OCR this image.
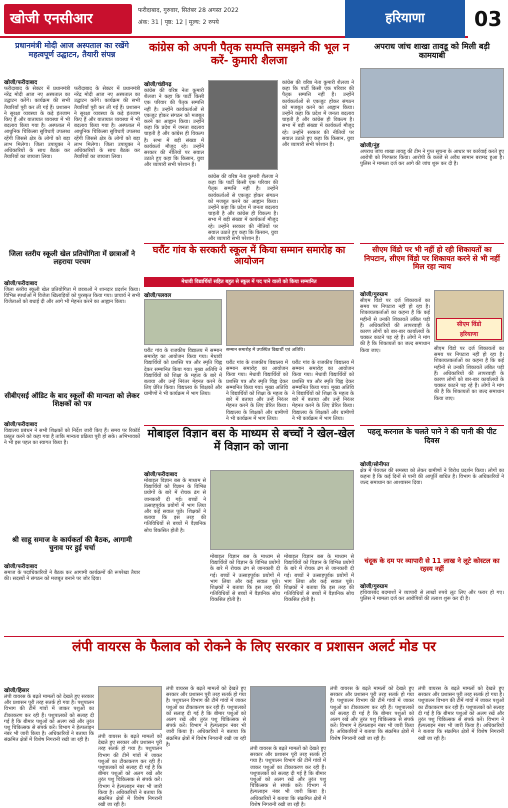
खोजी एनसीआर
फरीदाबाद, गुरुवार, सितंबर 28 अगस्त 2022
अंक: 31 | पृष्ठ: 12 | मूल्य: 2 रुपये	हरियाणा	03
प्रधानमंत्री मोदी आज अस्पताल का रखेंगे महत्वपूर्ण उद्घाटन, तैयारी संपन्न
खोजी/फरीदाबाद
फरीदाबाद के सेक्टर में प्रधानमंत्री नरेंद्र मोदी आज नए अस्पताल का उद्घाटन करेंगे। कार्यक्रम की सभी तैयारियाँ पूरी कर ली गई हैं। प्रशासन ने सुरक्षा व्यवस्था के कड़े इंतजाम किए हैं और यातायात व्यवस्था में भी बदलाव किया गया है। अस्पताल में आधुनिक चिकित्सा सुविधाएँ उपलब्ध रहेंगी जिससे क्षेत्र के लोगों को बड़ा लाभ मिलेगा। जिला उपायुक्त ने अधिकारियों के साथ बैठक कर तैयारियों का जायजा लिया।
फरीदाबाद के सेक्टर में प्रधानमंत्री नरेंद्र मोदी आज नए अस्पताल का उद्घाटन करेंगे। कार्यक्रम की सभी तैयारियाँ पूरी कर ली गई हैं। प्रशासन ने सुरक्षा व्यवस्था के कड़े इंतजाम किए हैं और यातायात व्यवस्था में भी बदलाव किया गया है। अस्पताल में आधुनिक चिकित्सा सुविधाएँ उपलब्ध रहेंगी जिससे क्षेत्र के लोगों को बड़ा लाभ मिलेगा। जिला उपायुक्त ने अधिकारियों के साथ बैठक कर तैयारियों का जायजा लिया।
जिला स्तरीय स्कूली खेल प्रतियोगिता में छात्राओं ने लहराया परचम
खोजी/फरीदाबाद
जिला स्तरीय स्कूली खेल प्रतियोगिता में छात्राओं ने शानदार प्रदर्शन किया। विभिन्न स्पर्धाओं में विजेता खिलाड़ियों को पुरस्कृत किया गया। प्राचार्य ने सभी विजेताओं को बधाई दी और आगे भी मेहनत करने का आह्वान किया।
सीबीएसई ऑडिट के बाद स्कूलों की मान्यता को लेकर शिक्षकों को पत्र
खोजी/फरीदाबाद
विद्यालय प्रबंधन ने सभी शिक्षकों को निर्देश जारी किए हैं। समय पर रिकॉर्ड प्रस्तुत करने को कहा गया है ताकि मान्यता प्रक्रिया पूरी हो सके। अभिभावकों ने भी इस पहल का स्वागत किया है।
श्री साहू समाज के कार्यकर्ता की बैठक, आगामी चुनाव पर हुई चर्चा
खोजी/फरीदाबाद
समाज के पदाधिकारियों ने बैठक कर आगामी कार्यक्रमों की रूपरेखा तैयार की। सदस्यों ने संगठन को मजबूत बनाने पर जोर दिया।
कांग्रेस को अपनी पैतृक सम्पत्ति समझने की भूल न करें- कुमारी शैलजा
खोजी/चंडीगढ़
कांग्रेस की वरिष्ठ नेता कुमारी शैलजा ने कहा कि पार्टी किसी एक परिवार की पैतृक सम्पत्ति नहीं है। उन्होंने कार्यकर्ताओं से एकजुट होकर संगठन को मजबूत करने का आह्वान किया। उन्होंने कहा कि प्रदेश में जनता बदलाव चाहती है और कांग्रेस ही विकल्प है। सभा में बड़ी संख्या में कार्यकर्ता मौजूद रहे। उन्होंने सरकार की नीतियों पर सवाल उठाते हुए कहा कि किसान, युवा और व्यापारी सभी परेशान हैं।
कांग्रेस की वरिष्ठ नेता कुमारी शैलजा ने कहा कि पार्टी किसी एक परिवार की पैतृक सम्पत्ति नहीं है। उन्होंने कार्यकर्ताओं से एकजुट होकर संगठन को मजबूत करने का आह्वान किया। उन्होंने कहा कि प्रदेश में जनता बदलाव चाहती है और कांग्रेस ही विकल्प है। सभा में बड़ी संख्या में कार्यकर्ता मौजूद रहे। उन्होंने सरकार की नीतियों पर सवाल उठाते हुए कहा कि किसान, युवा और व्यापारी सभी परेशान हैं।
कांग्रेस की वरिष्ठ नेता कुमारी शैलजा ने कहा कि पार्टी किसी एक परिवार की पैतृक सम्पत्ति नहीं है। उन्होंने कार्यकर्ताओं से एकजुट होकर संगठन को मजबूत करने का आह्वान किया। उन्होंने कहा कि प्रदेश में जनता बदलाव चाहती है और कांग्रेस ही विकल्प है। सभा में बड़ी संख्या में कार्यकर्ता मौजूद रहे। उन्होंने सरकार की नीतियों पर सवाल उठाते हुए कहा कि किसान, युवा और व्यापारी सभी परेशान हैं।
अपराध जांच शाखा तावडू को मिली बड़ी कामयाबी
खोजी/नूंह
अपराध जांच शाखा तावडू की टीम ने गुप्त सूचना के आधार पर कार्रवाई करते हुए आरोपी को गिरफ्तार किया। आरोपी के कब्जे से अवैध सामान बरामद हुआ है। पुलिस ने मामला दर्ज कर आगे की जांच शुरू कर दी है।
घरौंट गांव के सरकारी स्कूल में किया सम्मान समारोह का आयोजन
मेधावी विद्यार्थियों सहित बहुत से स्कूल में पद पाने वालों को किया सम्मानित
खोजी/पलवल
सम्मान समारोह में उपस्थित विद्यार्थी एवं अतिथि।
घरौंट गांव के राजकीय विद्यालय में सम्मान समारोह का आयोजन किया गया। मेधावी विद्यार्थियों को प्रशस्ति पत्र और स्मृति चिह्न देकर सम्मानित किया गया। मुख्य अतिथि ने विद्यार्थियों को शिक्षा के महत्व के बारे में बताया और उन्हें निरंतर मेहनत करने के लिए प्रेरित किया। विद्यालय के शिक्षकों और ग्रामीणों ने भी कार्यक्रम में भाग लिया।
घरौंट गांव के राजकीय विद्यालय में सम्मान समारोह का आयोजन किया गया। मेधावी विद्यार्थियों को प्रशस्ति पत्र और स्मृति चिह्न देकर सम्मानित किया गया। मुख्य अतिथि ने विद्यार्थियों को शिक्षा के महत्व के बारे में बताया और उन्हें निरंतर मेहनत करने के लिए प्रेरित किया। विद्यालय के शिक्षकों और ग्रामीणों ने भी कार्यक्रम में भाग लिया।
घरौंट गांव के राजकीय विद्यालय में सम्मान समारोह का आयोजन किया गया। मेधावी विद्यार्थियों को प्रशस्ति पत्र और स्मृति चिह्न देकर सम्मानित किया गया। मुख्य अतिथि ने विद्यार्थियों को शिक्षा के महत्व के बारे में बताया और उन्हें निरंतर मेहनत करने के लिए प्रेरित किया। विद्यालय के शिक्षकों और ग्रामीणों ने भी कार्यक्रम में भाग लिया।
सीएम विंडो पर भी नहीं हो रही शिकायतों का निपटान, सीएम विंडो पर शिकायत करने से भी नहीं मिल रहा न्याय
खोजी/गुरुग्राम
सीएम विंडो पर दर्ज शिकायतों का समय पर निपटारा नहीं हो रहा है। शिकायतकर्ताओं का कहना है कि कई महीनों से उनकी शिकायतें लंबित पड़ी हैं। अधिकारियों की लापरवाही के कारण लोगों को बार-बार कार्यालयों के चक्कर काटने पड़ रहे हैं। लोगों ने मांग की है कि शिकायतों का जल्द समाधान किया जाए।
सीएम विंडो
हरियाणा
सीएम विंडो पर दर्ज शिकायतों का समय पर निपटारा नहीं हो रहा है। शिकायतकर्ताओं का कहना है कि कई महीनों से उनकी शिकायतें लंबित पड़ी हैं। अधिकारियों की लापरवाही के कारण लोगों को बार-बार कार्यालयों के चक्कर काटने पड़ रहे हैं। लोगों ने मांग की है कि शिकायतों का जल्द समाधान किया जाए।
मोबाइल विज्ञान बस के माध्यम से बच्चों ने खेल-खेल में विज्ञान को जाना
खोजी/फरीदाबाद
मोबाइल विज्ञान बस के माध्यम से विद्यार्थियों को विज्ञान के विभिन्न प्रयोगों के बारे में रोचक ढंग से जानकारी दी गई। बच्चों ने उत्साहपूर्वक प्रयोगों में भाग लिया और कई सवाल पूछे। शिक्षकों ने बताया कि इस तरह की गतिविधियों से बच्चों में वैज्ञानिक सोच विकसित होती है।
मोबाइल विज्ञान बस के माध्यम से विद्यार्थियों को विज्ञान के विभिन्न प्रयोगों के बारे में रोचक ढंग से जानकारी दी गई। बच्चों ने उत्साहपूर्वक प्रयोगों में भाग लिया और कई सवाल पूछे। शिक्षकों ने बताया कि इस तरह की गतिविधियों से बच्चों में वैज्ञानिक सोच विकसित होती है।
मोबाइल विज्ञान बस के माध्यम से विद्यार्थियों को विज्ञान के विभिन्न प्रयोगों के बारे में रोचक ढंग से जानकारी दी गई। बच्चों ने उत्साहपूर्वक प्रयोगों में भाग लिया और कई सवाल पूछे। शिक्षकों ने बताया कि इस तरह की गतिविधियों से बच्चों में वैज्ञानिक सोच विकसित होती है।
पहलू करनाल के चलते पाने ने की पानी की पीट दिवस
खोजी/सोनीपत
क्षेत्र में पेयजल की समस्या को लेकर ग्रामीणों ने विरोध प्रदर्शन किया। लोगों का कहना है कि कई दिनों से पानी की आपूर्ति बाधित है। विभाग के अधिकारियों ने जल्द समाधान का आश्वासन दिया।
चंदूक के दम पर व्यापारी से 11 लाख ने लूटे कोस्टल का रहस्य नहीं
खोजी/गुरुग्राम
हथियारबंद बदमाशों ने व्यापारी से लाखों रुपये लूट लिए और फरार हो गए। पुलिस ने मामला दर्ज कर आरोपियों की तलाश शुरू कर दी है।
लंपी वायरस के फैलाव को रोकने के लिए सरकार व प्रशासन अलर्ट मोड पर
खोजी/हिसार
लंपी वायरस के बढ़ते मामलों को देखते हुए सरकार और प्रशासन पूरी तरह सतर्क हो गया है। पशुपालन विभाग की टीमें गांवों में जाकर पशुओं का टीकाकरण कर रही हैं। पशुपालकों को सलाह दी गई है कि बीमार पशुओं को अलग रखें और तुरंत पशु चिकित्सक से संपर्क करें। विभाग ने हेल्पलाइन नंबर भी जारी किया है। अधिकारियों ने बताया कि संक्रमित क्षेत्रों में विशेष निगरानी रखी जा रही है।
लंपी वायरस के बढ़ते मामलों को देखते हुए सरकार और प्रशासन पूरी तरह सतर्क हो गया है। पशुपालन विभाग की टीमें गांवों में जाकर पशुओं का टीकाकरण कर रही हैं। पशुपालकों को सलाह दी गई है कि बीमार पशुओं को अलग रखें और तुरंत पशु चिकित्सक से संपर्क करें। विभाग ने हेल्पलाइन नंबर भी जारी किया है। अधिकारियों ने बताया कि संक्रमित क्षेत्रों में विशेष निगरानी रखी जा रही है।
लंपी वायरस के बढ़ते मामलों को देखते हुए सरकार और प्रशासन पूरी तरह सतर्क हो गया है। पशुपालन विभाग की टीमें गांवों में जाकर पशुओं का टीकाकरण कर रही हैं। पशुपालकों को सलाह दी गई है कि बीमार पशुओं को अलग रखें और तुरंत पशु चिकित्सक से संपर्क करें। विभाग ने हेल्पलाइन नंबर भी जारी किया है। अधिकारियों ने बताया कि संक्रमित क्षेत्रों में विशेष निगरानी रखी जा रही है।
लंपी वायरस के बढ़ते मामलों को देखते हुए सरकार और प्रशासन पूरी तरह सतर्क हो गया है। पशुपालन विभाग की टीमें गांवों में जाकर पशुओं का टीकाकरण कर रही हैं। पशुपालकों को सलाह दी गई है कि बीमार पशुओं को अलग रखें और तुरंत पशु चिकित्सक से संपर्क करें। विभाग ने हेल्पलाइन नंबर भी जारी किया है। अधिकारियों ने बताया कि संक्रमित क्षेत्रों में विशेष निगरानी रखी जा रही है।
लंपी वायरस के बढ़ते मामलों को देखते हुए सरकार और प्रशासन पूरी तरह सतर्क हो गया है। पशुपालन विभाग की टीमें गांवों में जाकर पशुओं का टीकाकरण कर रही हैं। पशुपालकों को सलाह दी गई है कि बीमार पशुओं को अलग रखें और तुरंत पशु चिकित्सक से संपर्क करें। विभाग ने हेल्पलाइन नंबर भी जारी किया है। अधिकारियों ने बताया कि संक्रमित क्षेत्रों में विशेष निगरानी रखी जा रही है।
लंपी वायरस के बढ़ते मामलों को देखते हुए सरकार और प्रशासन पूरी तरह सतर्क हो गया है। पशुपालन विभाग की टीमें गांवों में जाकर पशुओं का टीकाकरण कर रही हैं। पशुपालकों को सलाह दी गई है कि बीमार पशुओं को अलग रखें और तुरंत पशु चिकित्सक से संपर्क करें। विभाग ने हेल्पलाइन नंबर भी जारी किया है। अधिकारियों ने बताया कि संक्रमित क्षेत्रों में विशेष निगरानी रखी जा रही है।
